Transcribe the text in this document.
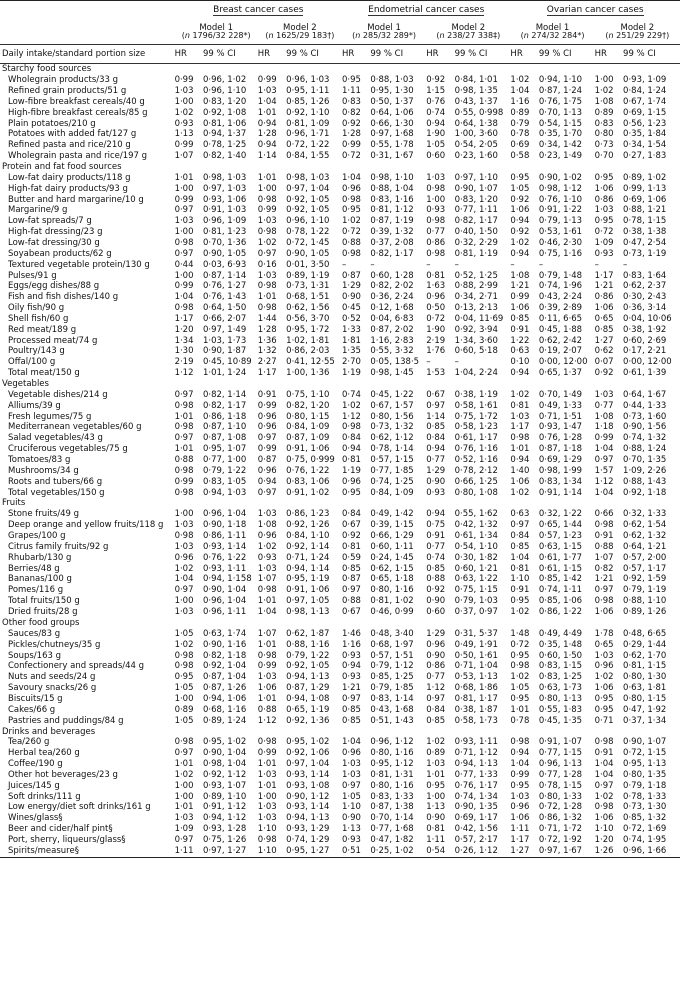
	Breast cancer cases				Endometrial cancer cases				Ovarian cancer cases			
	Model 1		Model 2		Model 1		Model 2		Model 1		Model 2	
	(n 1796/32 228*)		(n 1625/29 183†)		(n 285/32 289*)		(n 238/27 338‡)		(n 274/32 284*)		(n 251/29 229†)	
Daily intake/standard portion size	HR	99 % CI	HR	99 % CI	HR	99 % CI	HR	99 % CI	HR	99 % CI	HR	99 % CI
Starchy food sources												
Wholegrain products/33 g	0·99	0·96, 1·02	0·99	0·96, 1·03	0·95	0·88, 1·03	0·92	0·84, 1·01	1·02	0·94, 1·10	1·00	0·93, 1·09
Refined grain products/51 g	1·03	0·96, 1·10	1·03	0·95, 1·11	1·11	0·95, 1·30	1·15	0·98, 1·35	1·04	0·87, 1·24	1·02	0·84, 1·24
Low-fibre breakfast cereals/40 g	1·00	0·83, 1·20	1·04	0·85, 1·26	0·83	0·50, 1·37	0·76	0·43, 1·37	1·16	0·76, 1·75	1·08	0·67, 1·74
High-fibre breakfast cereals/85 g	1·02	0·92, 1·08	1·01	0·92, 1·10	0·82	0·64, 1·06	0·74	0·55, 0·998	0·89	0·70, 1·13	0·89	0·69, 1·15
Plain potatoes/210 g	0·93	0·81, 1·06	0·94	0·81, 1·09	0·92	0·66, 1·30	0·94	0·64, 1·38	0·79	0·54, 1·15	0·83	0·56, 1·23
Potatoes with added fat/127 g	1·13	0·94, 1·37	1·28	0·96, 1·71	1·28	0·97, 1·68	1·90	1·00, 3·60	0·78	0·35, 1·70	0·80	0·35, 1·84
Refined pasta and rice/210 g	0·99	0·78, 1·25	0·94	0·72, 1·22	0·99	0·55, 1·78	1·05	0·54, 2·05	0·69	0·34, 1·42	0·73	0·34, 1·54
Wholegrain pasta and rice/197 g	1·07	0·82, 1·40	1·14	0·84, 1·55	0·72	0·31, 1·67	0·60	0·23, 1·60	0·58	0·23, 1·49	0·70	0·27, 1·83
Protein and fat food sources												
Low-fat dairy products/118 g	1·01	0·98, 1·03	1·01	0·98, 1·03	1·04	0·98, 1·10	1·03	0·97, 1·10	0·95	0·90, 1·02	0·95	0·89, 1·02
High-fat dairy products/93 g	1·00	0·97, 1·03	1·00	0·97, 1·04	0·96	0·88, 1·04	0·98	0·90, 1·07	1·05	0·98, 1·12	1·06	0·99, 1·13
Butter and hard margarine/10 g	0·99	0·93, 1·06	0·98	0·92, 1·05	0·98	0·83, 1·16	1·00	0·83, 1·20	0·92	0·76, 1·10	0·86	0·69, 1·06
Margarine/9 g	0·97	0·91, 1·03	0·99	0·92, 1·05	0·95	0·81, 1·12	0·93	0·77, 1·11	1·06	0·91, 1·22	1·03	0·88, 1·21
Low-fat spreads/7 g	1·03	0·96, 1·09	1·03	0·96, 1·10	1·02	0·87, 1·19	0·98	0·82, 1·17	0·94	0·79, 1·13	0·95	0·78, 1·15
High-fat dressing/23 g	1·00	0·81, 1·23	0·98	0·78, 1·22	0·72	0·39, 1·32	0·77	0·40, 1·50	0·92	0·53, 1·61	0·72	0·38, 1·38
Low-fat dressing/30 g	0·98	0·70, 1·36	1·02	0·72, 1·45	0·88	0·37, 2·08	0·86	0·32, 2·29	1·02	0·46, 2·30	1·09	0·47, 2·54
Soyabean products/62 g	0·97	0·90, 1·05	0·97	0·90, 1·05	0·98	0·82, 1·17	0·98	0·81, 1·19	0·94	0·75, 1·16	0·93	0·73, 1·19
Textured vegetable protein/130 g	0·44	0·03, 6·93	0·16	0·01, 3·50	–	–	–	–	–	–	–	–
Pulses/91 g	1·00	0·87, 1·14	1·03	0·89, 1·19	0·87	0·60, 1·28	0·81	0·52, 1·25	1·08	0·79, 1·48	1·17	0·83, 1·64
Eggs/egg dishes/88 g	0·99	0·76, 1·27	0·98	0·73, 1·31	1·29	0·82, 2·02	1·63	0·88, 2·99	1·21	0·74, 1·96	1·21	0·62, 2·37
Fish and fish dishes/140 g	1·04	0·76, 1·43	1·01	0·68, 1·51	0·90	0·36, 2·24	0·96	0·34, 2·71	0·99	0·43, 2·24	0·86	0·30, 2·43
Oily fish/90 g	0·98	0·64, 1·50	0·98	0·62, 1·56	0·45	0·12, 1·68	0·50	0·13, 2·13	1·06	0·39, 2·89	1·06	0·36, 3·14
Shell fish/60 g	1·17	0·66, 2·07	1·44	0·56, 3·70	0·52	0·04, 6·83	0·72	0·04, 11·69	0·85	0·11, 6·65	0·65	0·04, 10·06
Red meat/189 g	1·20	0·97, 1·49	1·28	0·95, 1·72	1·33	0·87, 2·02	1·90	0·92, 3·94	0·91	0·45, 1·88	0·85	0·38, 1·92
Processed meat/74 g	1·34	1·03, 1·73	1·36	1·02, 1·81	1·81	1·16, 2·83	2·19	1·34, 3·60	1·22	0·62, 2·42	1·27	0·60, 2·69
Poultry/143 g	1·30	0·90, 1·87	1·32	0·86, 2·03	1·35	0·55, 3·32	1·76	0·60, 5·18	0·63	0·19, 2·07	0·62	0·17, 2·21
Offal/100 g	2·19	0·45, 10·89	2·27	0·41, 12·55	2·70	0·05, 138·5	–	–	0·10	0·00, 12·00	0·07	0·00, 12·00
Total meat/150 g	1·12	1·01, 1·24	1·17	1·00, 1·36	1·19	0·98, 1·45	1·53	1·04, 2·24	0·94	0·65, 1·37	0·92	0·61, 1·39
Vegetables												
Vegetable dishes/214 g	0·97	0·82, 1·14	0·91	0·75, 1·10	0·74	0·45, 1·22	0·67	0·38, 1·19	1·02	0·70, 1·49	1·03	0·64, 1·67
Alliums/39 g	0·98	0·82, 1·17	0·99	0·82, 1·20	1·02	0·67, 1·57	0·97	0·58, 1·61	0·81	0·49, 1·33	0·77	0·44, 1·33
Fresh legumes/75 g	1·01	0·86, 1·18	0·96	0·80, 1·15	1·12	0·80, 1·56	1·14	0·75, 1·72	1·03	0·71, 1·51	1·08	0·73, 1·60
Mediterranean vegetables/60 g	0·98	0·87, 1·10	0·96	0·84, 1·09	0·98	0·73, 1·32	0·85	0·58, 1·23	1·17	0·93, 1·47	1·18	0·90, 1·56
Salad vegetables/43 g	0·97	0·87, 1·08	0·97	0·87, 1·09	0·84	0·62, 1·12	0·84	0·61, 1·17	0·98	0·76, 1·28	0·99	0·74, 1·32
Cruciferous vegetables/75 g	1·01	0·95, 1·07	0·99	0·91, 1·06	0·94	0·78, 1·14	0·94	0·76, 1·16	1·01	0·87, 1·18	1·04	0·88, 1·24
Tomatoes/83 g	0·88	0·77, 1·00	0·87	0·75, 0·999	0·81	0·57, 1·15	0·77	0·52, 1·16	0·94	0·69, 1·29	0·97	0·70, 1·35
Mushrooms/34 g	0·98	0·79, 1·22	0·96	0·76, 1·22	1·19	0·77, 1·85	1·29	0·78, 2·12	1·40	0·98, 1·99	1·57	1·09, 2·26
Roots and tubers/66 g	0·99	0·83, 1·05	0·94	0·83, 1·06	0·96	0·74, 1·25	0·90	0·66, 1·25	1·06	0·83, 1·34	1·12	0·88, 1·43
Total vegetables/150 g	0·98	0·94, 1·03	0·97	0·91, 1·02	0·95	0·84, 1·09	0·93	0·80, 1·08	1·02	0·91, 1·14	1·04	0·92, 1·18
Fruits												
Stone fruits/49 g	1·00	0·96, 1·04	1·03	0·86, 1·23	0·84	0·49, 1·42	0·94	0·55, 1·62	0·63	0·32, 1·22	0·66	0·32, 1·33
Deep orange and yellow fruits/118 g	1·03	0·90, 1·18	1·08	0·92, 1·26	0·67	0·39, 1·15	0·75	0·42, 1·32	0·97	0·65, 1·44	0·98	0·62, 1·54
Grapes/100 g	0·98	0·86, 1·11	0·96	0·84, 1·10	0·92	0·66, 1·29	0·91	0·61, 1·34	0·84	0·57, 1·23	0·91	0·62, 1·32
Citrus family fruits/92 g	1·03	0·93, 1·14	1·02	0·92, 1·14	0·81	0·60, 1·11	0·77	0·54, 1·10	0·85	0·63, 1·15	0·88	0·64, 1·21
Rhubarb/130 g	0·96	0·76, 1·22	0·93	0·71, 1·24	0·59	0·24, 1·45	0·74	0·30, 1·82	1·04	0·61, 1·77	1·07	0·57, 2·00
Berries/48 g	1·02	0·93, 1·11	1·03	0·94, 1·14	0·85	0·62, 1·15	0·85	0·60, 1·21	0·81	0·61, 1·15	0·82	0·57, 1·17
Bananas/100 g	1·04	0·94, 1·158	1·07	0·95, 1·19	0·87	0·65, 1·18	0·88	0·63, 1·22	1·10	0·85, 1·42	1·21	0·92, 1·59
Pomes/116 g	0·97	0·90, 1·04	0·98	0·91, 1·06	0·97	0·80, 1·16	0·92	0·75, 1·15	0·91	0·74, 1·11	0·97	0·79, 1·19
Total fruits/150 g	1·00	0·96, 1·04	1·01	0·97, 1·05	0·88	0·81, 1·02	0·90	0·79, 1·03	0·95	0·85, 1·06	0·98	0·88, 1·10
Dried fruits/28 g	1·03	0·96, 1·11	1·04	0·98, 1·13	0·67	0·46, 0·99	0·60	0·37, 0·97	1·02	0·86, 1·22	1·06	0·89, 1·26
Other food groups												
Sauces/83 g	1·05	0·63, 1·74	1·07	0·62, 1·87	1·46	0·48, 3·40	1·29	0·31, 5·37	1·48	0·49, 4·49	1·78	0·48, 6·65
Pickles/chutneys/35 g	1·02	0·90, 1·16	1·01	0·88, 1·16	1·16	0·68, 1·97	0·96	0·49, 1·91	0·72	0·35, 1·48	0·65	0·29, 1·44
Soups/163 g	0·98	0·82, 1·18	0·98	0·79, 1·22	0·93	0·57, 1·51	0·90	0·50, 1·61	0·95	0·60, 1·50	1·03	0·62, 1·70
Confectionery and spreads/44 g	0·98	0·92, 1·04	0·99	0·92, 1·05	0·94	0·79, 1·12	0·86	0·71, 1·04	0·98	0·83, 1·15	0·96	0·81, 1·15
Nuts and seeds/24 g	0·95	0·87, 1·04	1·03	0·94, 1·13	0·93	0·85, 1·25	0·77	0·53, 1·13	1·02	0·83, 1·25	1·02	0·80, 1·30
Savoury snacks/26 g	1·05	0·87, 1·26	1·06	0·87, 1·29	1·21	0·79, 1·85	1·12	0·68, 1·86	1·05	0·63, 1·73	1·06	0·63, 1·81
Biscuits/15 g	1·00	0·94, 1·06	1·01	0·94, 1·08	0·97	0·83, 1·14	0·97	0·81, 1·17	0·95	0·80, 1·13	0·95	0·80, 1·15
Cakes/66 g	0·89	0·68, 1·16	0·88	0·65, 1·19	0·85	0·43, 1·68	0·84	0·38, 1·87	1·01	0·55, 1·83	0·95	0·47, 1·92
Pastries and puddings/84 g	1·05	0·89, 1·24	1·12	0·92, 1·36	0·85	0·51, 1·43	0·85	0·58, 1·73	0·78	0·45, 1·35	0·71	0·37, 1·34
Drinks and beverages												
Tea/260 g	0·98	0·95, 1·02	0·98	0·95, 1·02	1·04	0·96, 1·12	1·02	0·93, 1·11	0·98	0·91, 1·07	0·98	0·90, 1·07
Herbal tea/260 g	0·97	0·90, 1·04	0·99	0·92, 1·06	0·96	0·80, 1·16	0·89	0·71, 1·12	0·94	0·77, 1·15	0·91	0·72, 1·15
Coffee/190 g	1·01	0·98, 1·04	1·01	0·97, 1·04	1·03	0·95, 1·12	1·03	0·94, 1·13	1·04	0·96, 1·13	1·04	0·95, 1·13
Other hot beverages/23 g	1·02	0·92, 1·12	1·03	0·93, 1·14	1·03	0·81, 1·31	1·01	0·77, 1·33	0·99	0·77, 1·28	1·04	0·80, 1·35
Juices/145 g	1·00	0·93, 1·07	1·01	0·93, 1·08	0·97	0·80, 1·16	0·95	0·76, 1·17	0·95	0·78, 1·15	0·97	0·79, 1·18
Soft drinks/111 g	1·00	0·89, 1·10	1·00	0·90, 1·12	1·05	0·83, 1·33	1·00	0·74, 1·34	1·03	0·80, 1·33	1·02	0·78, 1·33
Low energy/diet soft drinks/161 g	1·01	0·91, 1·12	1·03	0·93, 1·14	1·10	0·87, 1·38	1·13	0·90, 1·35	0·96	0·72, 1·28	0·98	0·73, 1·30
Wines/glass§	1·03	0·94, 1·12	1·03	0·94, 1·13	0·90	0·70, 1·14	0·90	0·69, 1·17	1·06	0·86, 1·32	1·06	0·85, 1·32
Beer and cider/half pint§	1·09	0·93, 1·28	1·10	0·93, 1·29	1·13	0·77, 1·68	0·81	0·42, 1·56	1·11	0·71, 1·72	1·10	0·72, 1·69
Port, sherry, liqueurs/glass§	0·97	0·75, 1·26	0·98	0·74, 1·29	0·93	0·47, 1·82	1·11	0·57, 2·17	1·17	0·72, 1·92	1·20	0·74, 1·95
Spirits/measure§	1·11	0·97, 1·27	1·10	0·95, 1·27	0·51	0·25, 1·02	0·54	0·26, 1·12	1·27	0·97, 1·67	1·26	0·96, 1·66
